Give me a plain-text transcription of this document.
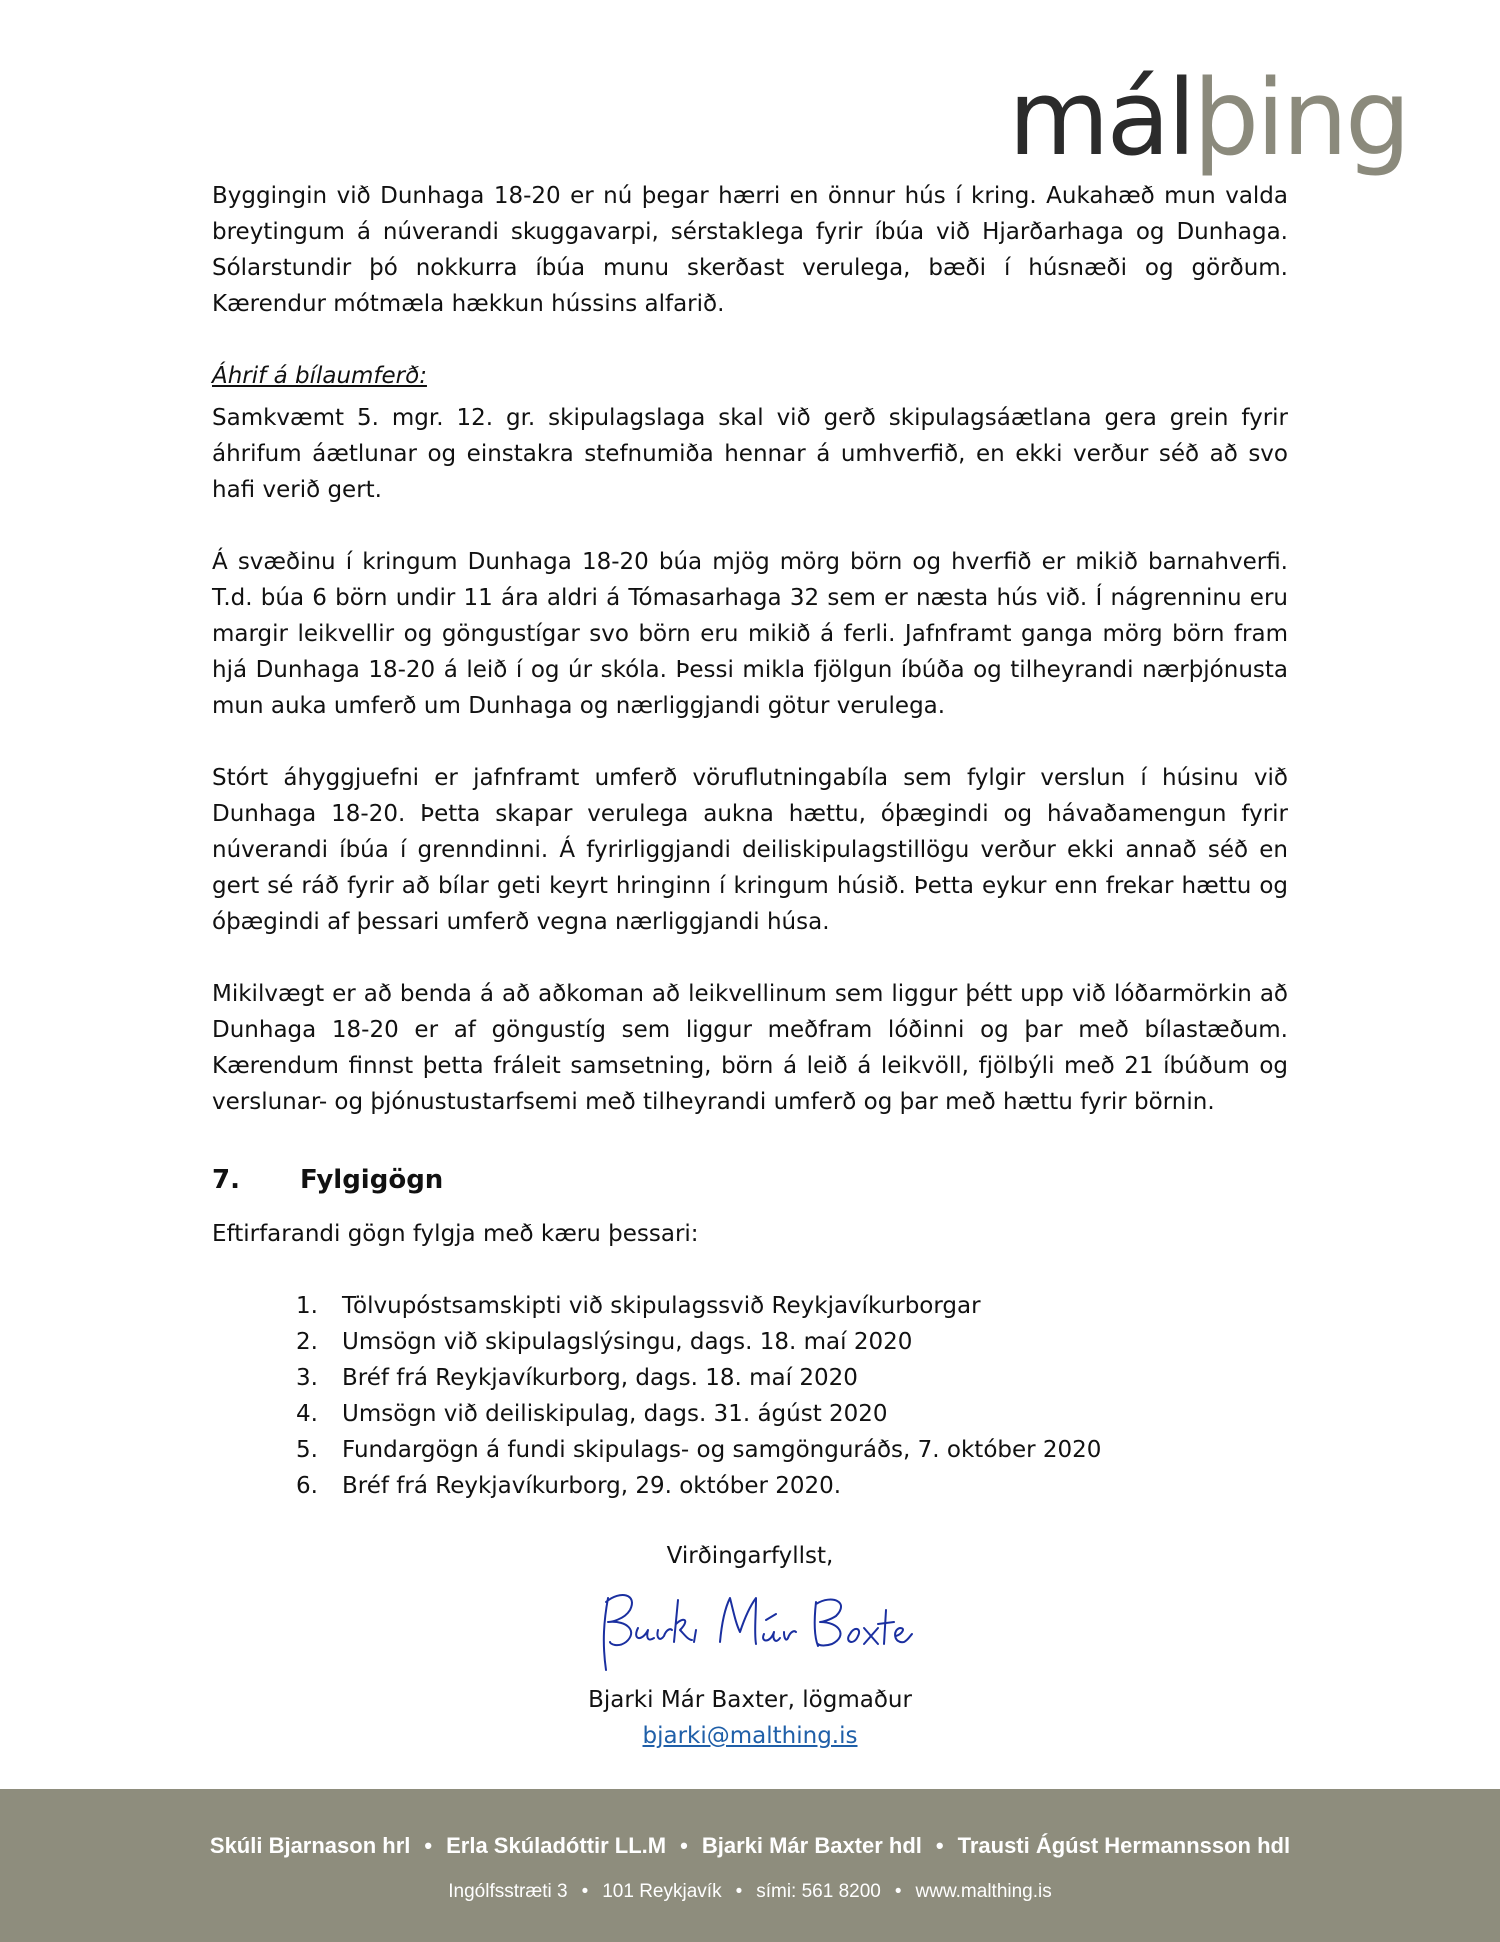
málþing

Byggingin við Dunhaga 18-20 er nú þegar hærri en önnur hús í kring. Aukahæð mun valda breytingum á núverandi skuggavarpi, sérstaklega fyrir íbúa við Hjarðarhaga og Dunhaga. Sólarstundir þó nokkurra íbúa munu skerðast verulega, bæði í húsnæði og görðum. Kærendur mótmæla hækkun hússins alfarið.

Áhrif á bílaumferð:

Samkvæmt 5. mgr. 12. gr. skipulagslaga skal við gerð skipulagsáætlana gera grein fyrir áhrifum áætlunar og einstakra stefnumiða hennar á umhverfið, en ekki verður séð að svo hafi verið gert.

Á svæðinu í kringum Dunhaga 18-20 búa mjög mörg börn og hverfið er mikið barnahverfi. T.d. búa 6 börn undir 11 ára aldri á Tómasarhaga 32 sem er næsta hús við. Í nágrenninu eru margir leikvellir og göngustígar svo börn eru mikið á ferli. Jafnframt ganga mörg börn fram hjá Dunhaga 18-20 á leið í og úr skóla. Þessi mikla fjölgun íbúða og tilheyrandi nærþjónusta mun auka umferð um Dunhaga og nærliggjandi götur verulega.

Stórt áhyggjuefni er jafnframt umferð vöruflutningabíla sem fylgir verslun í húsinu við Dunhaga 18-20. Þetta skapar verulega aukna hættu, óþægindi og hávaðamengun fyrir núverandi íbúa í grenndinni. Á fyrirliggjandi deiliskipulagstillögu verður ekki annað séð en gert sé ráð fyrir að bílar geti keyrt hringinn í kringum húsið. Þetta eykur enn frekar hættu og óþægindi af þessari umferð vegna nærliggjandi húsa.

Mikilvægt er að benda á að aðkoman að leikvellinum sem liggur þétt upp við lóðarmörkin að Dunhaga 18-20 er af göngustíg sem liggur meðfram lóðinni og þar með bílastæðum. Kærendum finnst þetta fráleit samsetning, börn á leið á leikvöll, fjölbýli með 21 íbúðum og verslunar- og þjónustustarfsemi með tilheyrandi umferð og þar með hættu fyrir börnin.

7.	Fylgigögn

Eftirfarandi gögn fylgja með kæru þessari:

1.	Tölvupóstsamskipti við skipulagssvið Reykjavíkurborgar
2.	Umsögn við skipulagslýsingu, dags. 18. maí 2020
3.	Bréf frá Reykjavíkurborg, dags. 18. maí 2020
4.	Umsögn við deiliskipulag, dags. 31. ágúst 2020
5.	Fundargögn á fundi skipulags- og samgönguráðs, 7. október 2020
6.	Bréf frá Reykjavíkurborg, 29. október 2020.
Virðingarfyllst,
Bjarki Már Baxter, lögmaður
bjarki@malthing.is
Skúli Bjarnason hrl • Erla Skúladóttir LL.M • Bjarki Már Baxter hdl • Trausti Ágúst Hermannsson hdl
Ingólfsstræti 3 • 101 Reykjavík • sími: 561 8200 • www.malthing.is
